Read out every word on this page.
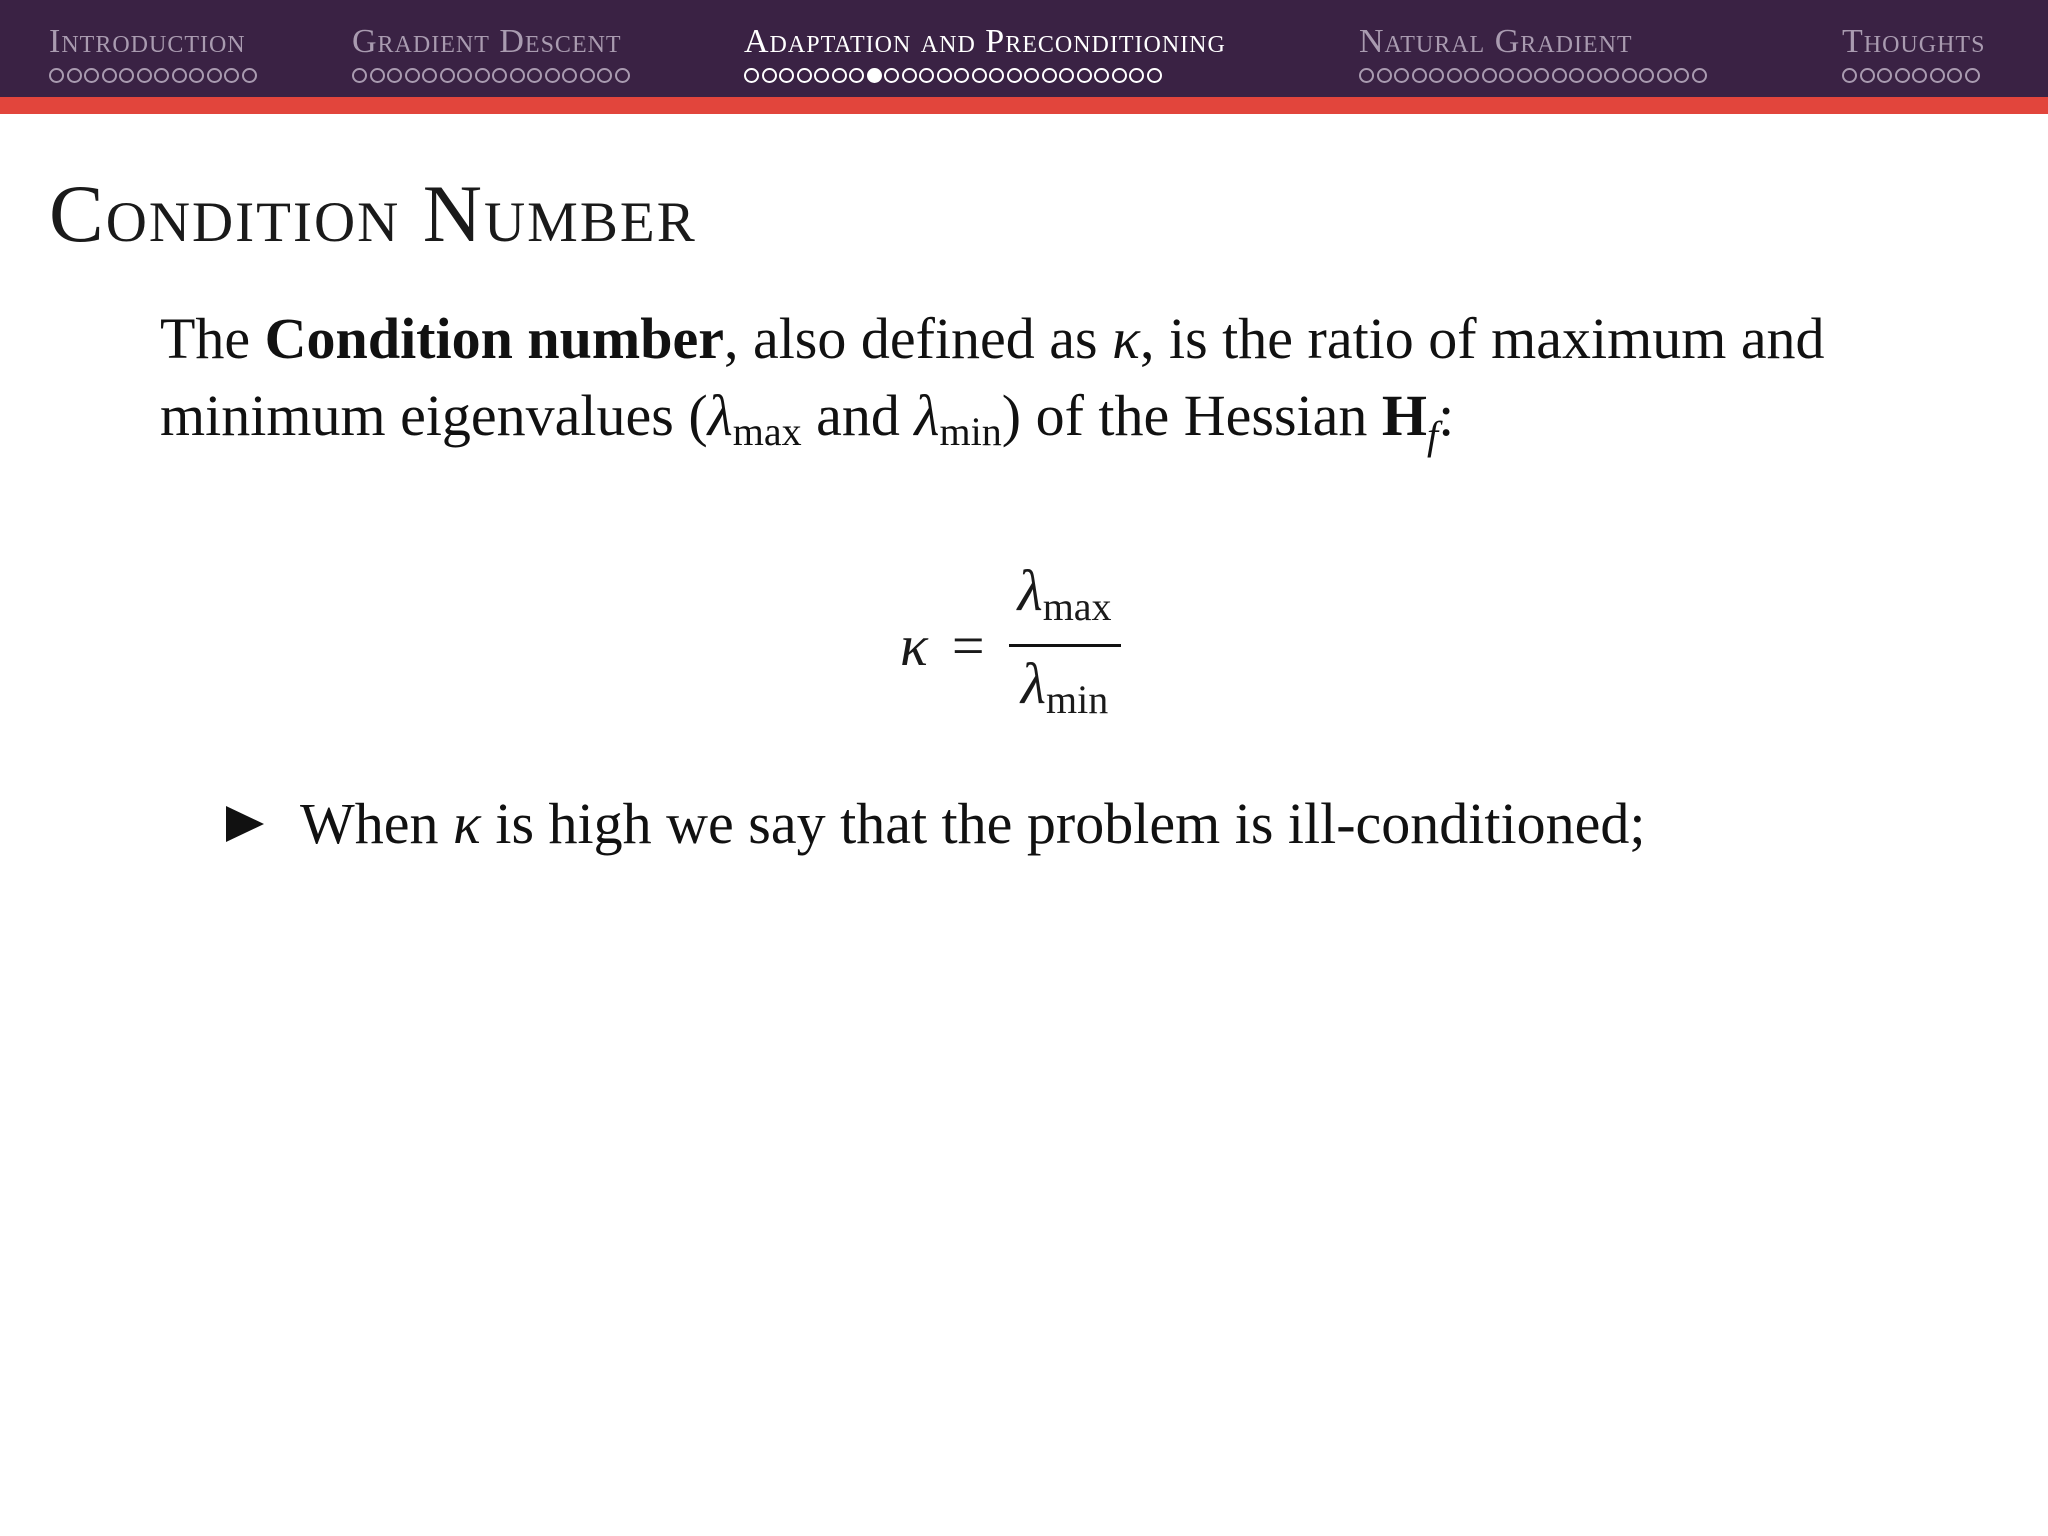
Introduction	Gradient Descent	Adaptation and Preconditioning	Natural Gradient	Thoughts
Condition Number
The Condition number, also defined as κ, is the ratio of maximum and minimum eigenvalues ($\lambda_{max}$ and $\lambda_{min}$) of the Hessian $H_f$:
$\kappa = \frac{\lambda_{max}}{\lambda_{min}}$
When κ is high we say that the problem is ill-conditioned;
